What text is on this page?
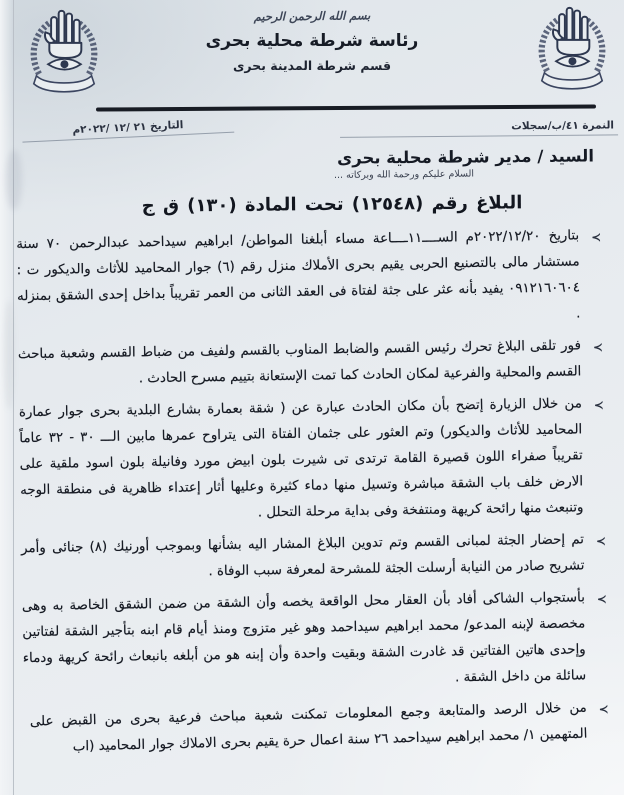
بسم الله الرحمن الرحيم
رئاسة شرطة محلية بحرى
قسم شرطة المدينة بحرى
النمرة ٤١/ب/سجلات
التاريخ ٢١ /١٢ /٢٠٢٢م
السيد / مدير شرطة محلية بحرى
السلام عليكم ورحمة الله وبركاته ...
البلاغ رقم (١٢٥٤٨) تحت المادة (١٣٠) ق ج

≻
بتاريخ ٢٠٢٢/١٢/٢٠م الســــ١١ــــاعة مساء أبلغنا المواطن/ ابراهيم سيداحمد عبدالرحمن ٧٠ سنة مستشار مالى بالتصنيع الحربى يقيم بحرى الأملاك منزل رقم (٦) جوار المحاميد للأثاث والديكور ت : ٠٩١٢١٦٠٦٠٤ يفيد بأنه عثر على جثة لفتاة فى العقد الثانى من العمر تقريباً بداخل إحدى الشقق بمنزله .

≻
فور تلقى البلاغ تحرك رئيس القسم والضابط المناوب بالقسم ولفيف من ضباط القسم وشعبة مباحث القسم والمحلية والفرعية لمكان الحادث كما تمت الإستعانة بتييم مسرح الحادث .

≻
من خلال الزيارة إتضح بأن مكان الحادث عبارة عن ( شقة بعمارة بشارع البلدية بحرى جوار عمارة المحاميد للأثاث والديكور) وتم العثور على جثمان الفتاة التى يتراوح عمرها مابين الـــ ٣٠ - ٣٢ عاماً تقريباً صفراء اللون قصيرة القامة ترتدى تى شيرت بلون ابيض مورد وفانيلة بلون اسود ملقية على الارض خلف باب الشقة مباشرة وتسيل منها دماء كثيرة وعليها أثار إعتداء ظاهرية فى منطقة الوجه وتنبعث منها رائحة كريهة ومنتفخة وفى بداية مرحلة التحلل .

≻
تم إحضار الجثة لمبانى القسم وتم تدوين البلاغ المشار اليه بشأنها وبموجب أورنيك (٨) جنائى وأمر تشريح صادر من النيابة أرسلت الجثة للمشرحة لمعرفة سبب الوفاة .

≻
بأستجواب الشاكى أفاد بأن العقار محل الواقعة يخصه وأن الشقة من ضمن الشقق الخاصة به وهى مخصصة لإبنه المدعو/ محمد ابراهيم سيداحمد وهو غير متزوج ومنذ أيام قام ابنه بتأجير الشقة لفتاتين وإحدى هاتين الفتاتين قد غادرت الشقة وبقيت واحدة وأن إبنه هو من أبلغه بانبعاث رائحة كريهة ودماء سائلة من داخل الشقة .

≻
من خلال الرصد والمتابعة وجمع المعلومات تمكنت شعبة مباحث فرعية بحرى من القبض على المتهمين ١/ محمد ابراهيم سيداحمد ٢٦ سنة اعمال حرة يقيم بحرى الاملاك جوار المحاميد (اب
